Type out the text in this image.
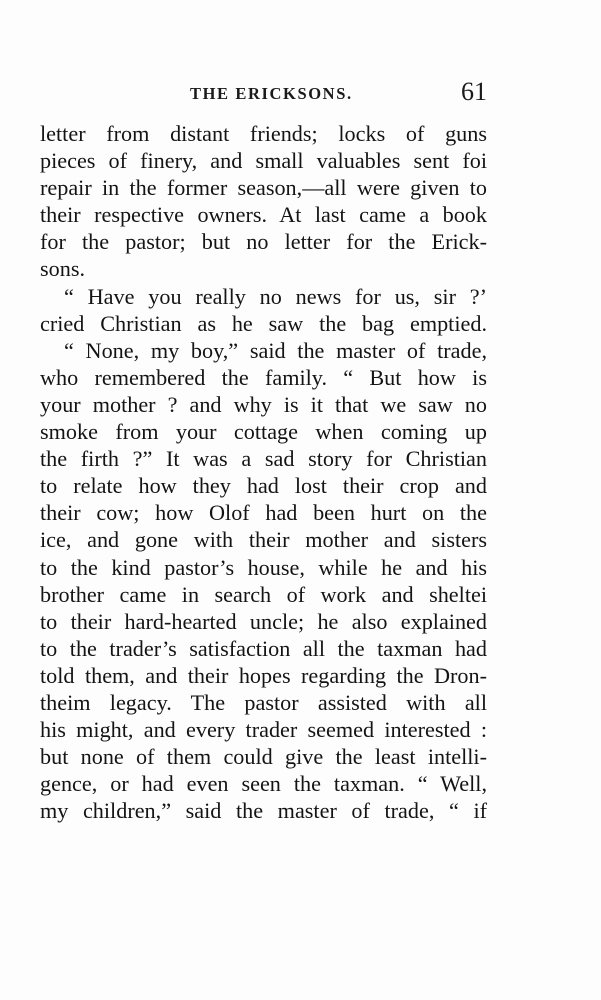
THE ERICKSONS.	61
letter from distant friends; locks of guns
pieces of finery, and small valuables sent foi
repair in the former season,—all were given to
their respective owners. At last came a book
for the pastor; but no letter for the Erick-
sons.
“ Have you really no news for us, sir ?’
cried Christian as he saw the bag emptied.
“ None, my boy,” said the master of trade,
who remembered the family. “ But how is
your mother ? and why is it that we saw no
smoke from your cottage when coming up
the firth ?” It was a sad story for Christian
to relate how they had lost their crop and
their cow; how Olof had been hurt on the
ice, and gone with their mother and sisters
to the kind pastor’s house, while he and his
brother came in search of work and sheltei
to their hard-hearted uncle; he also explained
to the trader’s satisfaction all the taxman had
told them, and their hopes regarding the Dron-
theim legacy. The pastor assisted with all
his might, and every trader seemed interested :
but none of them could give the least intelli-
gence, or had even seen the taxman. “ Well,
my children,” said the master of trade, “ if
